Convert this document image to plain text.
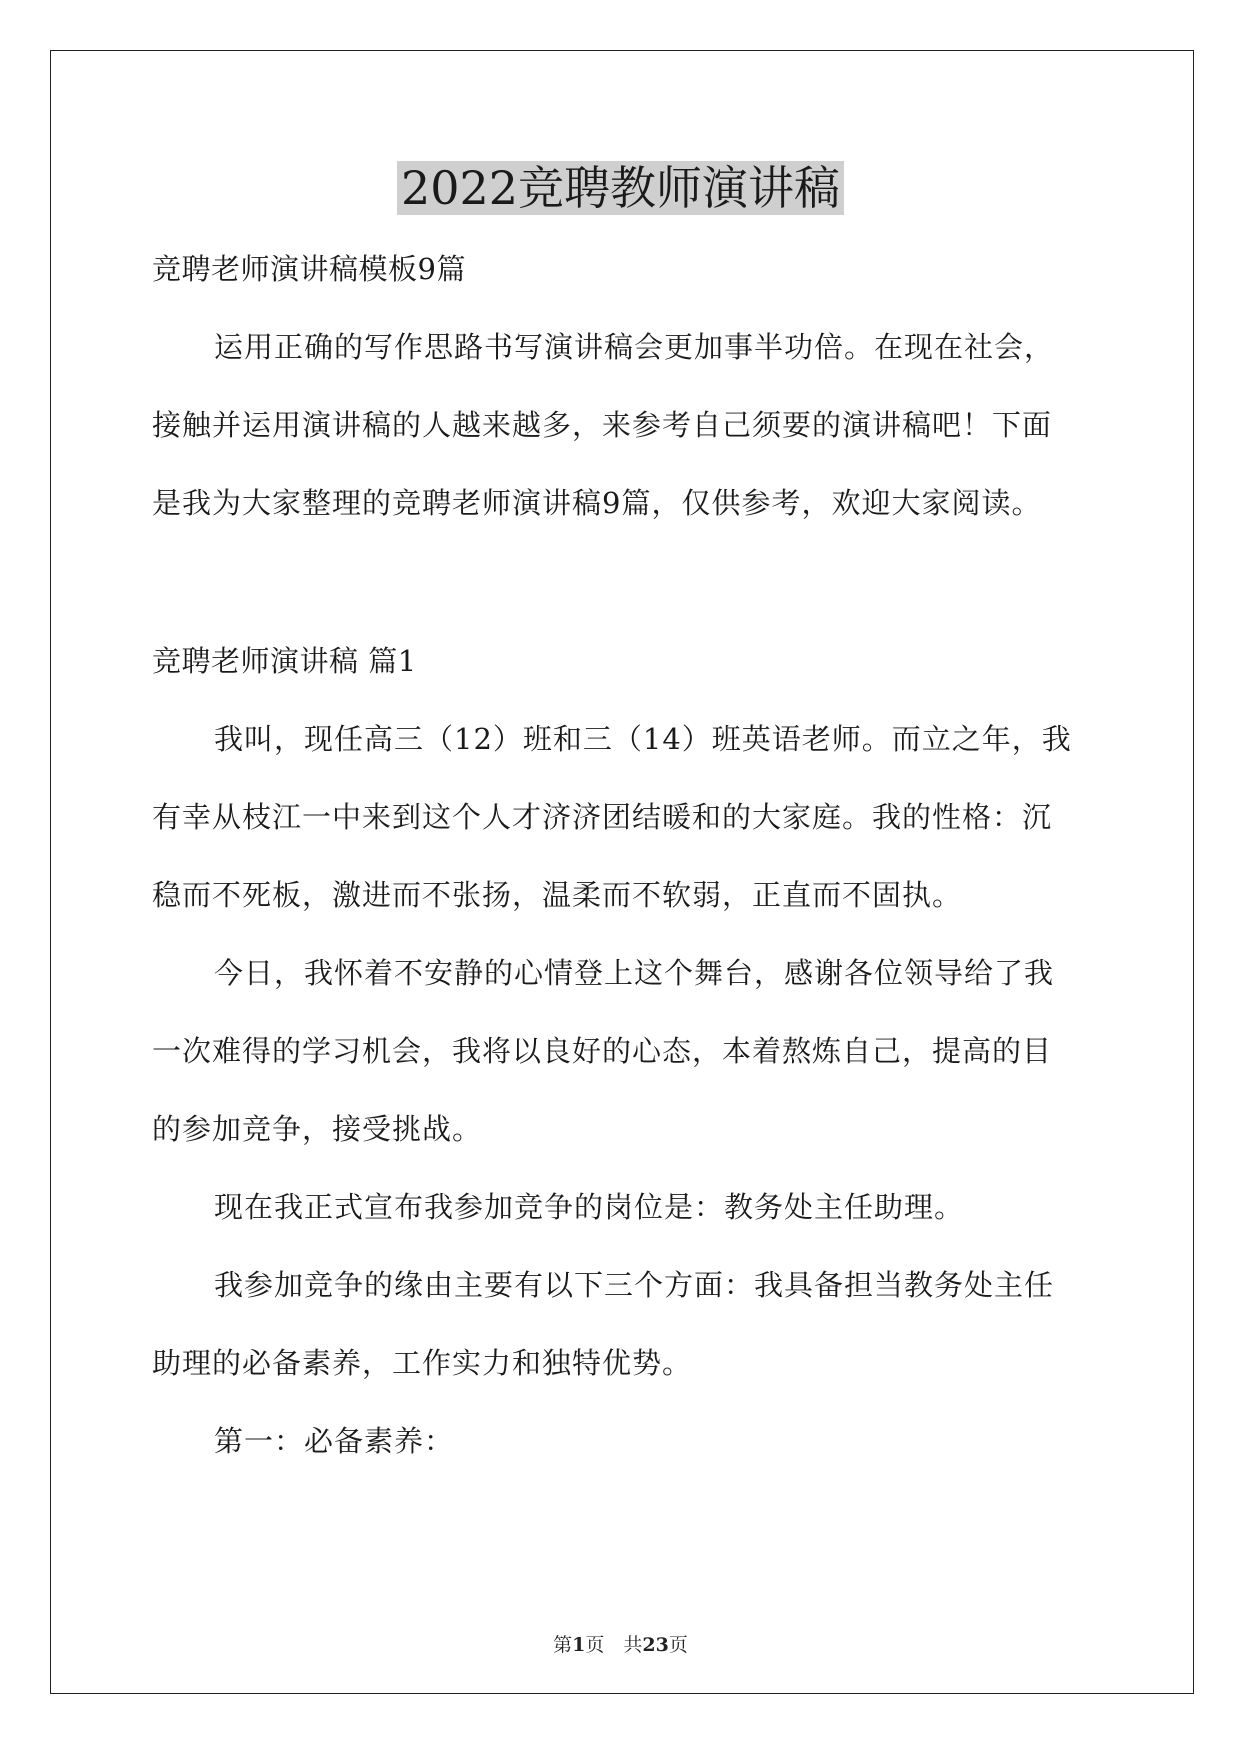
2022竞聘教师演讲稿
竞聘老师演讲稿模板9篇
运用正确的写作思路书写演讲稿会更加事半功倍。在现在社会，
接触并运用演讲稿的人越来越多，来参考自己须要的演讲稿吧！下面
是我为大家整理的竞聘老师演讲稿9篇，仅供参考，欢迎大家阅读。
竞聘老师演讲稿 篇1
我叫，现任高三（12）班和三（14）班英语老师。而立之年，我
有幸从枝江一中来到这个人才济济团结暖和的大家庭。我的性格：沉
稳而不死板，激进而不张扬，温柔而不软弱，正直而不固执。
今日，我怀着不安静的心情登上这个舞台，感谢各位领导给了我
一次难得的学习机会，我将以良好的心态，本着熬炼自己，提高的目
的参加竞争，接受挑战。
现在我正式宣布我参加竞争的岗位是：教务处主任助理。
我参加竞争的缘由主要有以下三个方面：我具备担当教务处主任
助理的必备素养，工作实力和独特优势。
第一：必备素养：
第1页　共23页
